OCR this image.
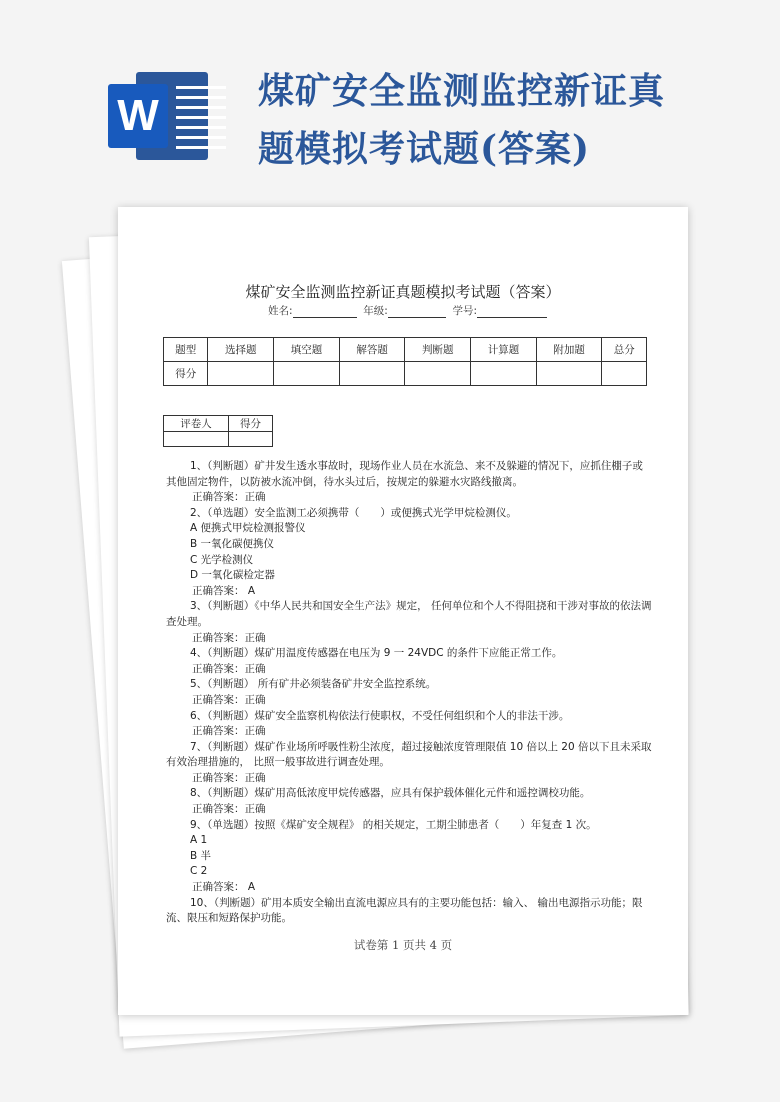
W	煤矿安全监测监控新证真题模拟考试题(答案)
煤矿安全监测监控新证真题模拟考试题（答案）
姓名:	年级:	学号:
题型	选择题	填空题	解答题	判断题	计算题	附加题	总分
得分							
评卷人	得分

1、（判断题）矿井发生透水事故时，现场作业人员在水流急、来不及躲避的情况下，应抓住棚子或其他固定物件，以防被水流冲倒，待水头过后，按规定的躲避水灾路线撤离。

正确答案：正确

2、（单选题）安全监测工必须携带（　　）或便携式光学甲烷检测仪。

A 便携式甲烷检测报警仪

B 一氧化碳便携仪

C 光学检测仪

D 一氧化碳检定器

正确答案： A

3、（判断题）《中华人民共和国安全生产法》规定， 任何单位和个人不得阻挠和干涉对事故的依法调查处理。

正确答案：正确

4、（判断题）煤矿用温度传感器在电压为 9 一 24VDC 的条件下应能正常工作。

正确答案：正确

5、（判断题） 所有矿井必须装备矿井安全监控系统。

正确答案：正确

6、（判断题）煤矿安全监察机构依法行使职权，不受任何组织和个人的非法干涉。

正确答案：正确

7、（判断题）煤矿作业场所呼吸性粉尘浓度，超过接触浓度管理限值 10 倍以上 20 倍以下且未采取有效治理措施的， 比照一般事故进行调查处理。

正确答案：正确

8、（判断题）煤矿用高低浓度甲烷传感器，应具有保护载体催化元件和遥控调校功能。

正确答案：正确

9、（单选题）按照《煤矿安全规程》 的相关规定，工期尘肺患者（　　）年复查 1 次。

A 1

B 半

C 2

正确答案： A

10、（判断题）矿用本质安全输出直流电源应具有的主要功能包括：输入、 输出电源指示功能；限流、限压和短路保护功能。

试卷第 1 页共 4 页
